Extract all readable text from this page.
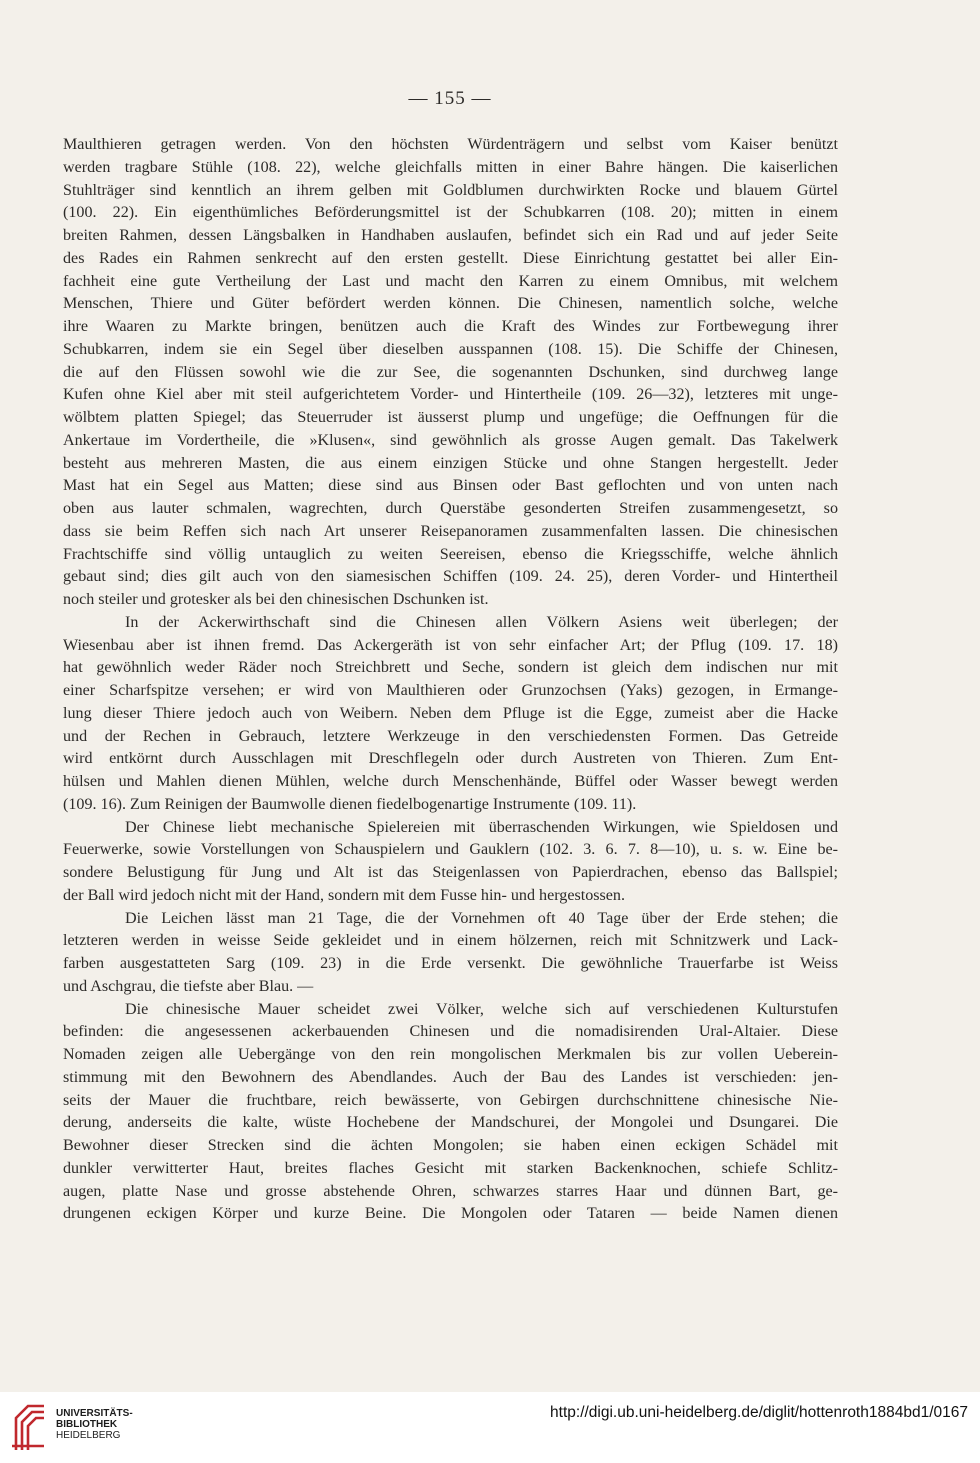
— 155 —
Maulthieren getragen werden. Von den höchsten Würdenträgern und selbst vom Kaiser benützt
werden tragbare Stühle (108. 22), welche gleichfalls mitten in einer Bahre hängen. Die kaiserlichen
Stuhlträger sind kenntlich an ihrem gelben mit Goldblumen durchwirkten Rocke und blauem Gürtel
(100. 22). Ein eigenthümliches Beförderungsmittel ist der Schubkarren (108. 20); mitten in einem
breiten Rahmen, dessen Längsbalken in Handhaben auslaufen, befindet sich ein Rad und auf jeder Seite
des Rades ein Rahmen senkrecht auf den ersten gestellt. Diese Einrichtung gestattet bei aller Ein-
fachheit eine gute Vertheilung der Last und macht den Karren zu einem Omnibus, mit welchem
Menschen, Thiere und Güter befördert werden können. Die Chinesen, namentlich solche, welche
ihre Waaren zu Markte bringen, benützen auch die Kraft des Windes zur Fortbewegung ihrer
Schubkarren, indem sie ein Segel über dieselben ausspannen (108. 15). Die Schiffe der Chinesen,
die auf den Flüssen sowohl wie die zur See, die sogenannten Dschunken, sind durchweg lange
Kufen ohne Kiel aber mit steil aufgerichtetem Vorder- und Hintertheile (109. 26—32), letzteres mit unge-
wölbtem platten Spiegel; das Steuerruder ist äusserst plump und ungefüge; die Oeffnungen für die
Ankertaue im Vordertheile, die »Klusen«, sind gewöhnlich als grosse Augen gemalt. Das Takelwerk
besteht aus mehreren Masten, die aus einem einzigen Stücke und ohne Stangen hergestellt. Jeder
Mast hat ein Segel aus Matten; diese sind aus Binsen oder Bast geflochten und von unten nach
oben aus lauter schmalen, wagrechten, durch Querstäbe gesonderten Streifen zusammengesetzt, so
dass sie beim Reffen sich nach Art unserer Reisepanoramen zusammenfalten lassen. Die chinesischen
Frachtschiffe sind völlig untauglich zu weiten Seereisen, ebenso die Kriegsschiffe, welche ähnlich
gebaut sind; dies gilt auch von den siamesischen Schiffen (109. 24. 25), deren Vorder- und Hintertheil
noch steiler und grotesker als bei den chinesischen Dschunken ist.
In der Ackerwirthschaft sind die Chinesen allen Völkern Asiens weit überlegen; der
Wiesenbau aber ist ihnen fremd. Das Ackergeräth ist von sehr einfacher Art; der Pflug (109. 17. 18)
hat gewöhnlich weder Räder noch Streichbrett und Seche, sondern ist gleich dem indischen nur mit
einer Scharfspitze versehen; er wird von Maulthieren oder Grunzochsen (Yaks) gezogen, in Ermange-
lung dieser Thiere jedoch auch von Weibern. Neben dem Pfluge ist die Egge, zumeist aber die Hacke
und der Rechen in Gebrauch, letztere Werkzeuge in den verschiedensten Formen. Das Getreide
wird entkörnt durch Ausschlagen mit Dreschflegeln oder durch Austreten von Thieren. Zum Ent-
hülsen und Mahlen dienen Mühlen, welche durch Menschenhände, Büffel oder Wasser bewegt werden
(109. 16). Zum Reinigen der Baumwolle dienen fiedelbogenartige Instrumente (109. 11).
Der Chinese liebt mechanische Spielereien mit überraschenden Wirkungen, wie Spieldosen und
Feuerwerke, sowie Vorstellungen von Schauspielern und Gauklern (102. 3. 6. 7. 8—10), u. s. w. Eine be-
sondere Belustigung für Jung und Alt ist das Steigenlassen von Papierdrachen, ebenso das Ballspiel;
der Ball wird jedoch nicht mit der Hand, sondern mit dem Fusse hin- und hergestossen.
Die Leichen lässt man 21 Tage, die der Vornehmen oft 40 Tage über der Erde stehen; die
letzteren werden in weisse Seide gekleidet und in einem hölzernen, reich mit Schnitzwerk und Lack-
farben ausgestatteten Sarg (109. 23) in die Erde versenkt. Die gewöhnliche Trauerfarbe ist Weiss
und Aschgrau, die tiefste aber Blau. —
Die chinesische Mauer scheidet zwei Völker, welche sich auf verschiedenen Kulturstufen
befinden: die angesessenen ackerbauenden Chinesen und die nomadisirenden Ural-Altaier. Diese
Nomaden zeigen alle Uebergänge von den rein mongolischen Merkmalen bis zur vollen Ueberein-
stimmung mit den Bewohnern des Abendlandes. Auch der Bau des Landes ist verschieden: jen-
seits der Mauer die fruchtbare, reich bewässerte, von Gebirgen durchschnittene chinesische Nie-
derung, anderseits die kalte, wüste Hochebene der Mandschurei, der Mongolei und Dsungarei. Die
Bewohner dieser Strecken sind die ächten Mongolen; sie haben einen eckigen Schädel mit
dunkler verwitterter Haut, breites flaches Gesicht mit starken Backenknochen, schiefe Schlitz-
augen, platte Nase und grosse abstehende Ohren, schwarzes starres Haar und dünnen Bart, ge-
drungenen eckigen Körper und kurze Beine. Die Mongolen oder Tataren — beide Namen dienen
UNIVERSITÄTS-
BIBLIOTHEK
HEIDELBERG
http://digi.ub.uni-heidelberg.de/diglit/hottenroth1884bd1/0167
